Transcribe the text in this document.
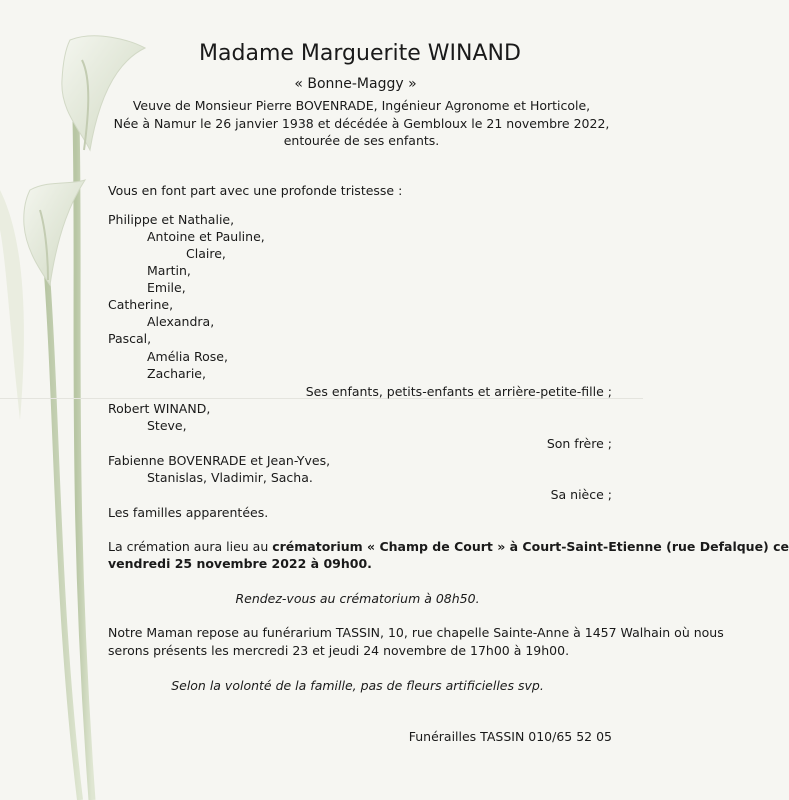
Madame Marguerite WINAND
« Bonne-Maggy »
Veuve de Monsieur Pierre BOVENRADE, Ingénieur Agronome et Horticole,
Née à Namur le 26 janvier 1938 et décédée à Gembloux le 21 novembre 2022,
entourée de ses enfants.
Vous en font part avec une profonde tristesse :
Philippe et Nathalie,
Antoine et Pauline,
Claire,
Martin,
Emile,
Catherine,
Alexandra,
Pascal,
Amélia Rose,
Zacharie,
Ses enfants, petits-enfants et arrière-petite-fille ;
Robert WINAND,
Steve,
Son frère ;
Fabienne BOVENRADE et Jean-Yves,
Stanislas, Vladimir, Sacha.
Sa nièce ;
Les familles apparentées.
La crémation aura lieu au crématorium « Champ de Court » à Court-Saint-Etienne (rue Defalque) ce
vendredi 25 novembre 2022 à 09h00.
Rendez-vous au crématorium à 08h50.
Notre Maman repose au funérarium TASSIN, 10, rue chapelle Sainte-Anne à 1457 Walhain où nous
serons présents les mercredi 23 et jeudi 24 novembre de 17h00 à 19h00.
Selon la volonté de la famille, pas de fleurs artificielles svp.
Funérailles TASSIN 010/65 52 05
